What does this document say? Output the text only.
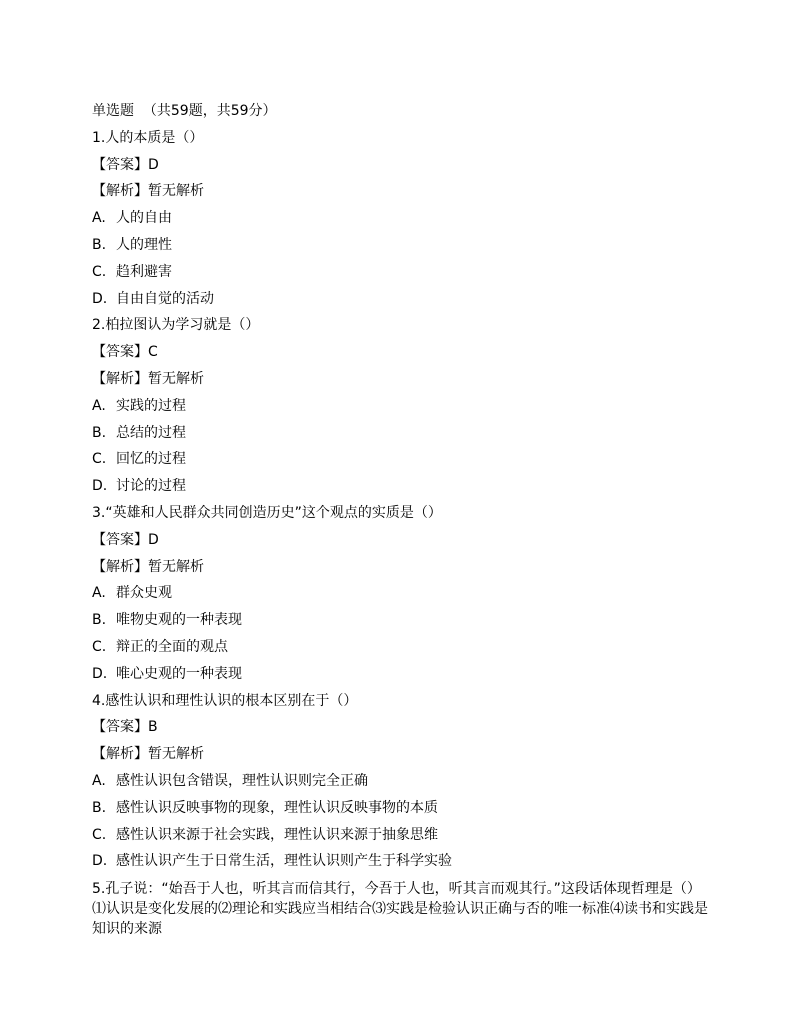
单选题  （共59题，共59分）
1.人的本质是（）
【答案】D
【解析】暂无解析
A. 人的自由
B. 人的理性
C. 趋利避害
D. 自由自觉的活动
2.柏拉图认为学习就是（）
【答案】C
【解析】暂无解析
A. 实践的过程
B. 总结的过程
C. 回忆的过程
D. 讨论的过程
3.“英雄和人民群众共同创造历史”这个观点的实质是（）
【答案】D
【解析】暂无解析
A. 群众史观
B. 唯物史观的一种表现
C. 辩正的全面的观点
D. 唯心史观的一种表现
4.感性认识和理性认识的根本区别在于（）
【答案】B
【解析】暂无解析
A. 感性认识包含错误，理性认识则完全正确
B. 感性认识反映事物的现象，理性认识反映事物的本质
C. 感性认识来源于社会实践，理性认识来源于抽象思维
D. 感性认识产生于日常生活，理性认识则产生于科学实验
5.孔子说：“始吾于人也，听其言而信其行，今吾于人也，听其言而观其行。”这段话体现哲理是（）⑴认识是变化发展的⑵理论和实践应当相结合⑶实践是检验认识正确与否的唯一标准⑷读书和实践是知识的来源
